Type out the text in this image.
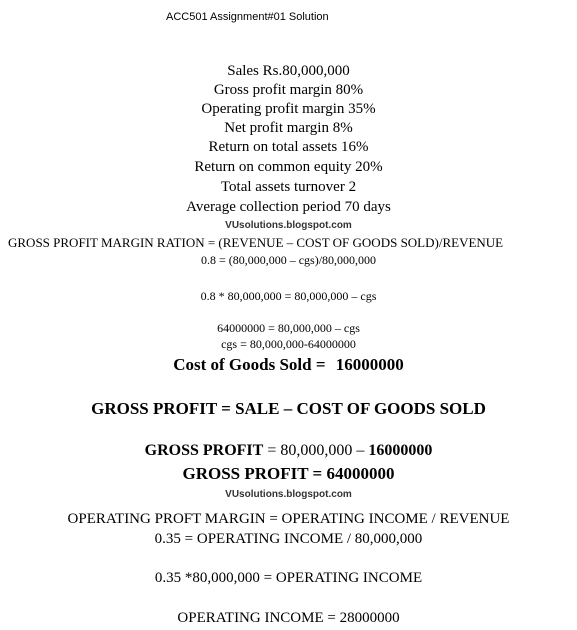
ACC501 Assignment#01 Solution
Sales Rs.80,000,000
Gross profit margin 80%
Operating profit margin 35%
Net profit margin 8%
Return on total assets 16%
Return on common equity 20%
Total assets turnover 2
Average collection period 70 days
VUsolutions.blogspot.com
GROSS PROFIT MARGIN RATION = (REVENUE – COST OF GOODS SOLD)/REVENUE
0.8 = (80,000,000 – cgs)/80,000,000
0.8 * 80,000,000 = 80,000,000 – cgs
64000000 = 80,000,000 – cgs
cgs = 80,000,000-64000000
Cost of Goods Sold = 16000000
GROSS PROFIT = SALE – COST OF GOODS SOLD
GROSS PROFIT = 80,000,000 – 16000000
GROSS PROFIT = 64000000
VUsolutions.blogspot.com
OPERATING PROFT MARGIN = OPERATING INCOME / REVENUE
0.35 = OPERATING INCOME / 80,000,000
0.35 *80,000,000 = OPERATING INCOME
OPERATING INCOME = 28000000
